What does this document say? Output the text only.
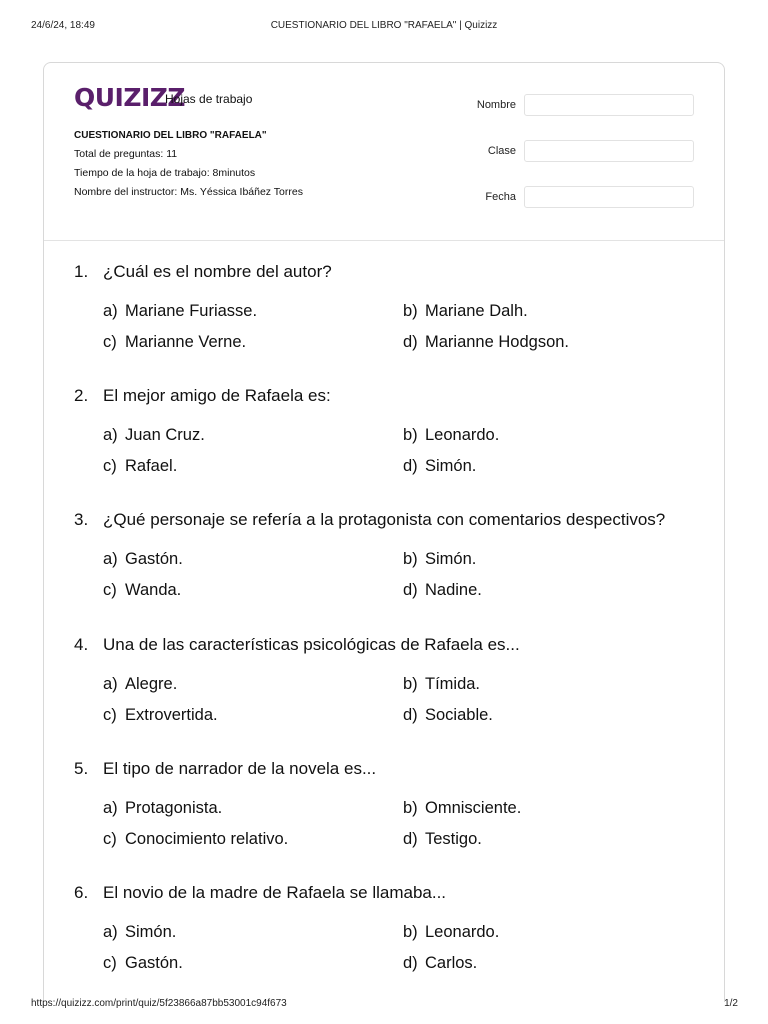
24/6/24, 18:49	CUESTIONARIO DEL LIBRO "RAFAELA" | Quizizz
QUIZIZZ
Hojas de trabajo
CUESTIONARIO DEL LIBRO "RAFAELA"
Total de preguntas: 11
Tiempo de la hoja de trabajo: 8minutos
Nombre del instructor: Ms. Yéssica Ibáñez Torres
Nombre
Clase
Fecha
1. ¿Cuál es el nombre del autor?
a) Mariane Furiasse.	b) Mariane Dalh.
c) Marianne Verne.	d) Marianne Hodgson.
2. El mejor amigo de Rafaela es:
a) Juan Cruz.	b) Leonardo.
c) Rafael.	d) Simón.
3. ¿Qué personaje se refería a la protagonista con comentarios despectivos?
a) Gastón.	b) Simón.
c) Wanda.	d) Nadine.
4. Una de las características psicológicas de Rafaela es...
a) Alegre.	b) Tímida.
c) Extrovertida.	d) Sociable.
5. El tipo de narrador de la novela es...
a) Protagonista.	b) Omnisciente.
c) Conocimiento relativo.	d) Testigo.
6. El novio de la madre de Rafaela se llamaba...
a) Simón.	b) Leonardo.
c) Gastón.	d) Carlos.
https://quizizz.com/print/quiz/5f23866a87bb53001c94f673	1/2
